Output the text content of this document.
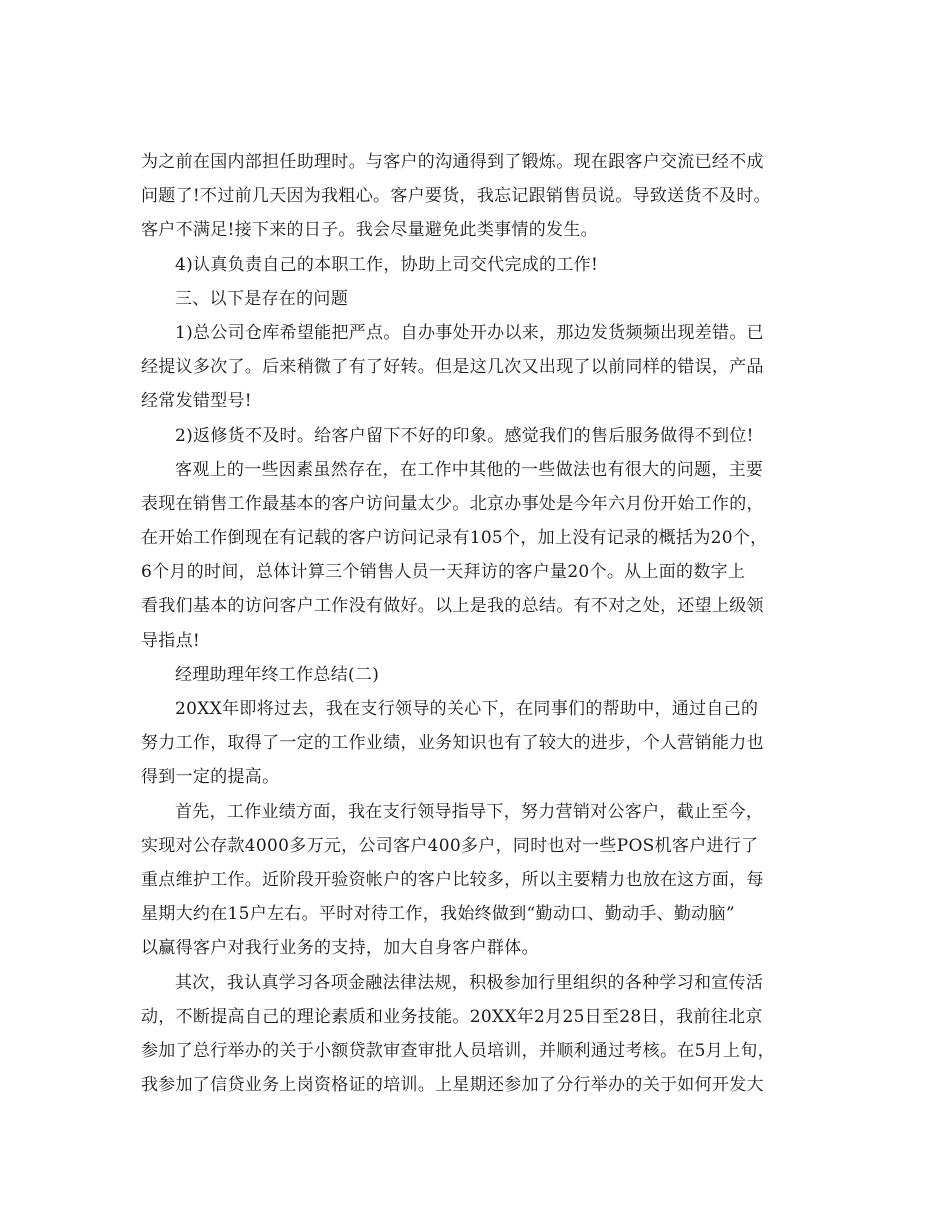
为之前在国内部担任助理时。与客户的沟通得到了锻炼。现在跟客户交流已经不成
问题了!不过前几天因为我粗心。客户要货，我忘记跟销售员说。导致送货不及时。
客户不满足!接下来的日子。我会尽量避免此类事情的发生。
4)认真负责自己的本职工作，协助上司交代完成的工作!
三、以下是存在的问题
1)总公司仓库希望能把严点。自办事处开办以来，那边发货频频出现差错。已
经提议多次了。后来稍微了有了好转。但是这几次又出现了以前同样的错误，产品
经常发错型号!
2)返修货不及时。给客户留下不好的印象。感觉我们的售后服务做得不到位!
客观上的一些因素虽然存在，在工作中其他的一些做法也有很大的问题，主要
表现在销售工作最基本的客户访问量太少。北京办事处是今年六月份开始工作的，
在开始工作倒现在有记载的客户访问记录有105个，加上没有记录的概括为20个，
6个月的时间，总体计算三个销售人员一天拜访的客户量20个。从上面的数字上
看我们基本的访问客户工作没有做好。以上是我的总结。有不对之处，还望上级领
导指点!
经理助理年终工作总结(二)
20XX年即将过去，我在支行领导的关心下，在同事们的帮助中，通过自己的
努力工作，取得了一定的工作业绩，业务知识也有了较大的进步，个人营销能力也
得到一定的提高。
首先，工作业绩方面，我在支行领导指导下，努力营销对公客户，截止至今，
实现对公存款4000多万元，公司客户400多户，同时也对一些POS机客户进行了
重点维护工作。近阶段开验资帐户的客户比较多，所以主要精力也放在这方面，每
星期大约在15户左右。平时对待工作，我始终做到“勤动口、勤动手、勤动脑”
以赢得客户对我行业务的支持，加大自身客户群体。
其次，我认真学习各项金融法律法规，积极参加行里组织的各种学习和宣传活
动，不断提高自己的理论素质和业务技能。20XX年2月25日至28日，我前往北京
参加了总行举办的关于小额贷款审查审批人员培训，并顺利通过考核。在5月上旬，
我参加了信贷业务上岗资格证的培训。上星期还参加了分行举办的关于如何开发大
